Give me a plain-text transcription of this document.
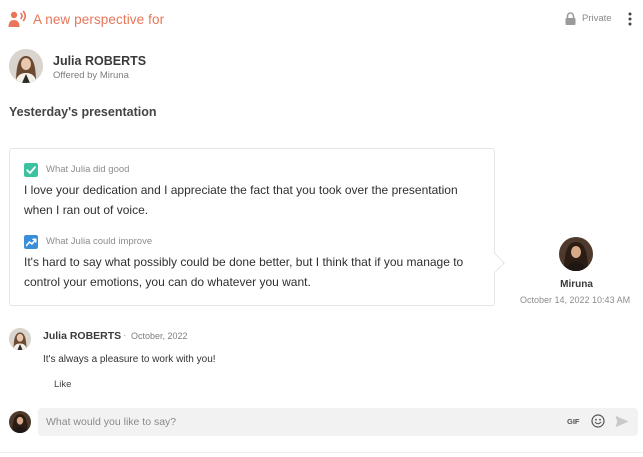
A new perspective for	Private
Julia ROBERTS
Offered by Miruna
Yesterday's presentation
What Julia did good
I love your dedication and I appreciate the fact that you took over the presentation when I ran out of voice.
What Julia could improve
It's hard to say what possibly could be done better, but I think that if you manage to control your emotions, you can do whatever you want.	Miruna
October 14, 2022 10:43 AM
Julia ROBERTS · October, 2022
It's always a pleasure to work with you!
Like
What would you like to say?
GIF
